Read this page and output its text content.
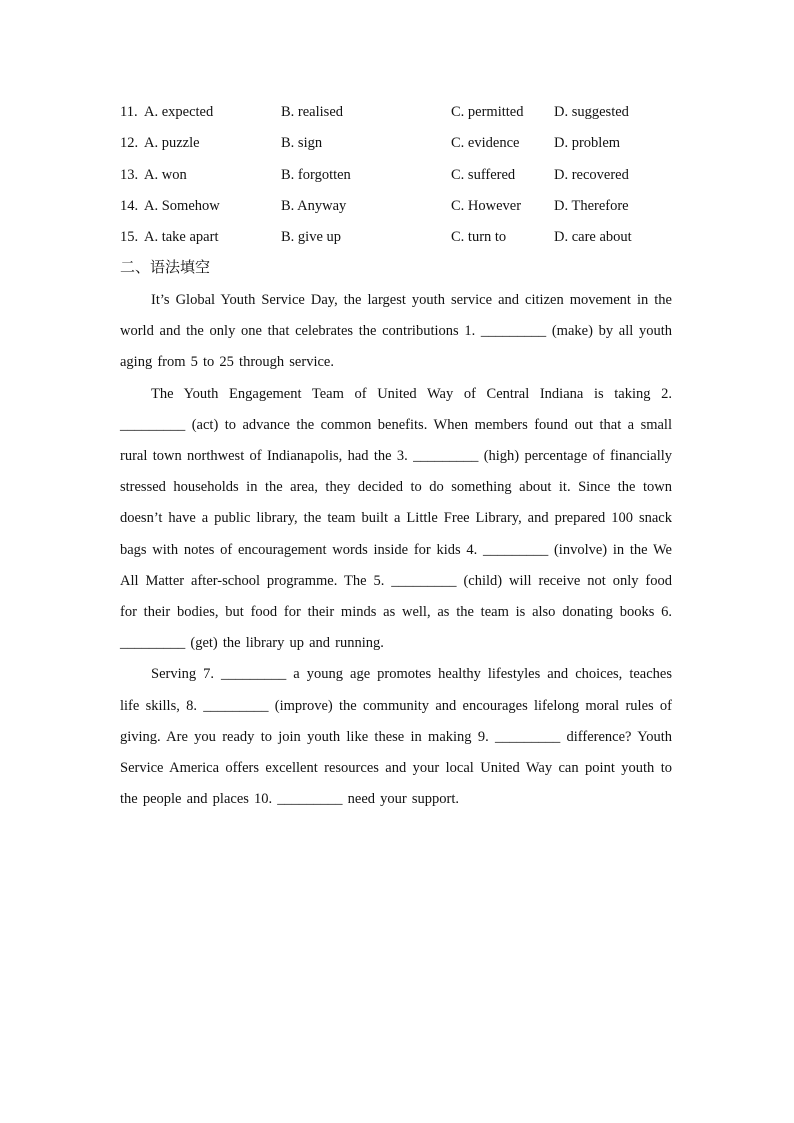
11. A. expected	B. realised	C. permitted D. suggested
12. A. puzzle	B. sign	C. evidence D. problem
13. A. won	B. forgotten	C. suffered	D. recovered
14. A. Somehow	B. Anyway	C. However D. Therefore
15. A. take apart	B. give up	C. turn to	D. care about
二、语法填空

It’s Global Youth Service Day, the largest youth service and citizen movement in the world and the only one that celebrates the contributions 1. _________ (make) by all youth aging from 5 to 25 through service.

The Youth Engagement Team of United Way of Central Indiana is taking 2. _________ (act) to advance the common benefits. When members found out that a small rural town northwest of Indianapolis, had the 3. _________ (high) percentage of financially stressed households in the area, they decided to do something about it. Since the town doesn’t have a public library, the team built a Little Free Library, and prepared 100 snack bags with notes of encouragement words inside for kids 4. _________ (involve) in the We All Matter after-school programme. The 5. _________ (child) will receive not only food for their bodies, but food for their minds as well, as the team is also donating books 6. _________ (get) the library up and running.

Serving 7. _________ a young age promotes healthy lifestyles and choices, teaches life skills, 8. _________ (improve) the community and encourages lifelong moral rules of giving. Are you ready to join youth like these in making 9. _________ difference? Youth Service America offers excellent resources and your local United Way can point youth to the people and places 10. _________ need your support.
